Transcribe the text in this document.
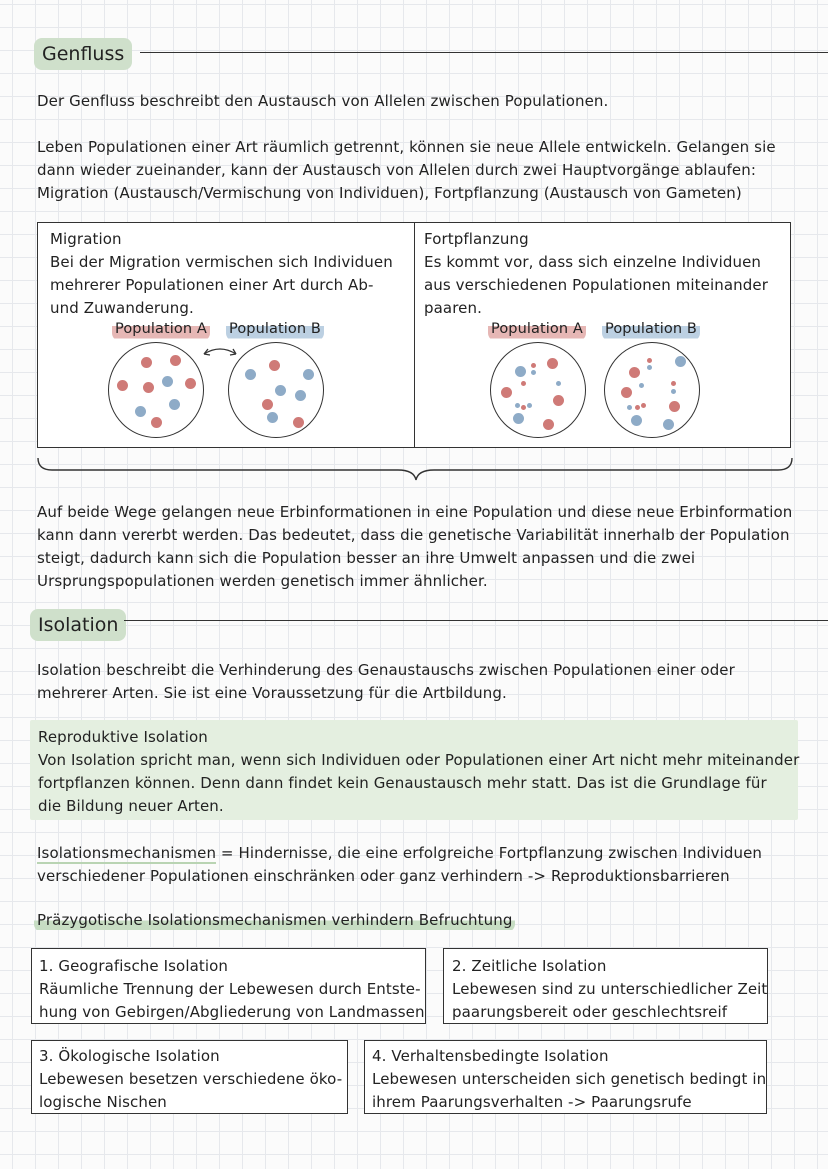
Genfluss
Der Genfluss beschreibt den Austausch von Allelen zwischen Populationen.
Leben Populationen einer Art räumlich getrennt, können sie neue Allele entwickeln. Gelangen sie
dann wieder zueinander, kann der Austausch von Allelen durch zwei Hauptvorgänge ablaufen:
Migration (Austausch/Vermischung von Individuen), Fortpflanzung (Austausch von Gameten)
Migration
Bei der Migration vermischen sich Individuen
mehrerer Populationen einer Art durch Ab-
und Zuwanderung.
Population A Population B
Fortpflanzung
Es kommt vor, dass sich einzelne Individuen
aus verschiedenen Populationen miteinander
paaren.
Population A Population B
Auf beide Wege gelangen neue Erbinformationen in eine Population und diese neue Erbinformation
kann dann vererbt werden. Das bedeutet, dass die genetische Variabilität innerhalb der Population
steigt, dadurch kann sich die Population besser an ihre Umwelt anpassen und die zwei
Ursprungspopulationen werden genetisch immer ähnlicher.
Isolation
Isolation beschreibt die Verhinderung des Genaustauschs zwischen Populationen einer oder
mehrerer Arten. Sie ist eine Voraussetzung für die Artbildung.
Reproduktive Isolation
Von Isolation spricht man, wenn sich Individuen oder Populationen einer Art nicht mehr miteinander
fortpflanzen können. Denn dann findet kein Genaustausch mehr statt. Das ist die Grundlage für
die Bildung neuer Arten.
Isolationsmechanismen = Hindernisse, die eine erfolgreiche Fortpflanzung zwischen Individuen
verschiedener Populationen einschränken oder ganz verhindern -> Reproduktionsbarrieren
Präzygotische Isolationsmechanismen verhindern Befruchtung
1. Geografische Isolation
Räumliche Trennung der Lebewesen durch Entste-
hung von Gebirgen/Abgliederung von Landmassen
2. Zeitliche Isolation
Lebewesen sind zu unterschiedlicher Zeit
paarungsbereit oder geschlechtsreif
3. Ökologische Isolation
Lebewesen besetzen verschiedene öko-
logische Nischen
4. Verhaltensbedingte Isolation
Lebewesen unterscheiden sich genetisch bedingt in
ihrem Paarungsverhalten -> Paarungsrufe
